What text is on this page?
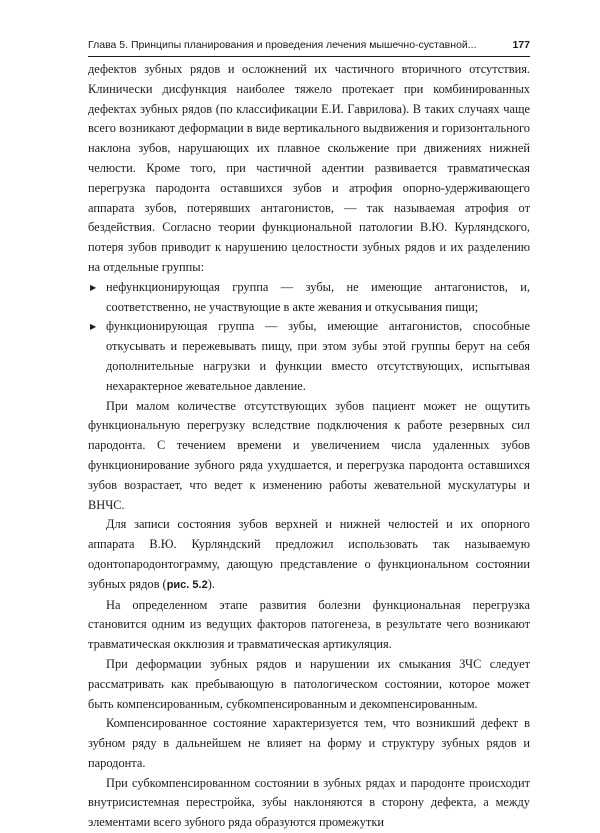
Глава 5. Принципы планирования и проведения лечения мышечно-суставной...	177

дефектов зубных рядов и осложнений их частичного вторичного отсутствия. Клинически дисфункция наиболее тяжело протекает при комбинированных дефектах зубных рядов (по классификации Е.И. Гаврилова). В таких случаях чаще всего возникают деформации в виде вертикального выдвижения и горизонтального наклона зубов, нарушающих их плавное скольжение при движениях нижней челюсти. Кроме того, при частичной адентии развивается травматическая перегрузка пародонта оставшихся зубов и атрофия опорно-удерживающего аппарата зубов, потерявших антагонистов, — так называемая атрофия от бездействия. Согласно теории функциональной патологии В.Ю. Курляндского, потеря зубов приводит к нарушению целостности зубных рядов и их разделению на отдельные группы:

▶ нефункционирующая группа — зубы, не имеющие антагонистов, и, соответственно, не участвующие в акте жевания и откусывания пищи;
▶ функционирующая группа — зубы, имеющие антагонистов, способные откусывать и пережевывать пищу, при этом зубы этой группы берут на себя дополнительные нагрузки и функции вместо отсутствующих, испытывая нехарактерное жевательное давление.

При малом количестве отсутствующих зубов пациент может не ощутить функциональную перегрузку вследствие подключения к работе резервных сил пародонта. С течением времени и увеличением числа удаленных зубов функционирование зубного ряда ухудшается, и перегрузка пародонта оставшихся зубов возрастает, что ведет к изменению работы жевательной мускулатуры и ВНЧС.

Для записи состояния зубов верхней и нижней челюстей и их опорного аппарата В.Ю. Курляндский предложил использовать так называемую одонтопародонтограмму, дающую представление о функциональном состоянии зубных рядов (рис. 5.2).

На определенном этапе развития болезни функциональная перегрузка становится одним из ведущих факторов патогенеза, в результате чего возникают травматическая окклюзия и травматическая артикуляция.

При деформации зубных рядов и нарушении их смыкания ЗЧС следует рассматривать как пребывающую в патологическом состоянии, которое может быть компенсированным, субкомпенсированным и декомпенсированным.

Компенсированное состояние характеризуется тем, что возникший дефект в зубном ряду в дальнейшем не влияет на форму и структуру зубных рядов и пародонта.

При субкомпенсированном состоянии в зубных рядах и пародонте происходит внутрисистемная перестройка, зубы наклоняются в сторону дефекта, а между элементами всего зубного ряда образуются промежутки
